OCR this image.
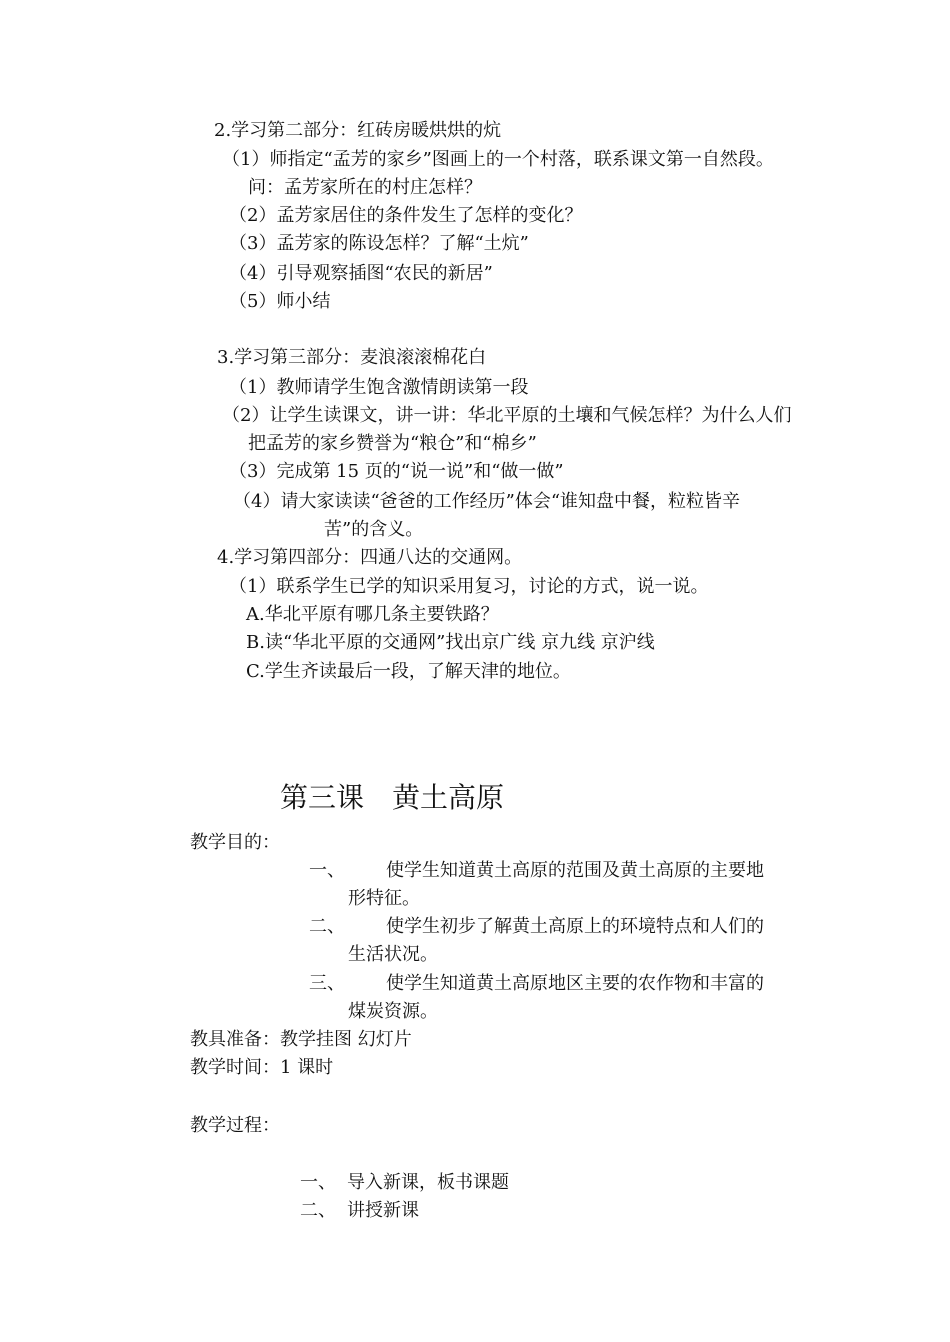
2.学习第二部分：红砖房暖烘烘的炕
（1）师指定“孟芳的家乡”图画上的一个村落，联系课文第一自然段。
问：孟芳家所在的村庄怎样？
（2）孟芳家居住的条件发生了怎样的变化？
（3）孟芳家的陈设怎样？了解“土炕”
（4）引导观察插图“农民的新居”
（5）师小结
3.学习第三部分：麦浪滚滚棉花白
（1）教师请学生饱含激情朗读第一段
（2）让学生读课文，讲一讲：华北平原的土壤和气候怎样？为什么人们
把孟芳的家乡赞誉为“粮仓”和“棉乡”
（3）完成第 15 页的“说一说”和“做一做”
（4）请大家读读“爸爸的工作经历”体会“谁知盘中餐，粒粒皆辛
苦”的含义。
4.学习第四部分：四通八达的交通网。
（1）联系学生已学的知识采用复习，讨论的方式，说一说。
A.华北平原有哪几条主要铁路？
B.读“华北平原的交通网”找出京广线 京九线 京沪线
C.学生齐读最后一段，了解天津的地位。
第三课　黄土高原
教学目的：
一、 使学生知道黄土高原的范围及黄土高原的主要地
形特征。
二、 使学生初步了解黄土高原上的环境特点和人们的
生活状况。
三、 使学生知道黄土高原地区主要的农作物和丰富的
煤炭资源。
教具准备：教学挂图 幻灯片
教学时间：1 课时
教学过程：
一、 导入新课，板书课题
二、 讲授新课
